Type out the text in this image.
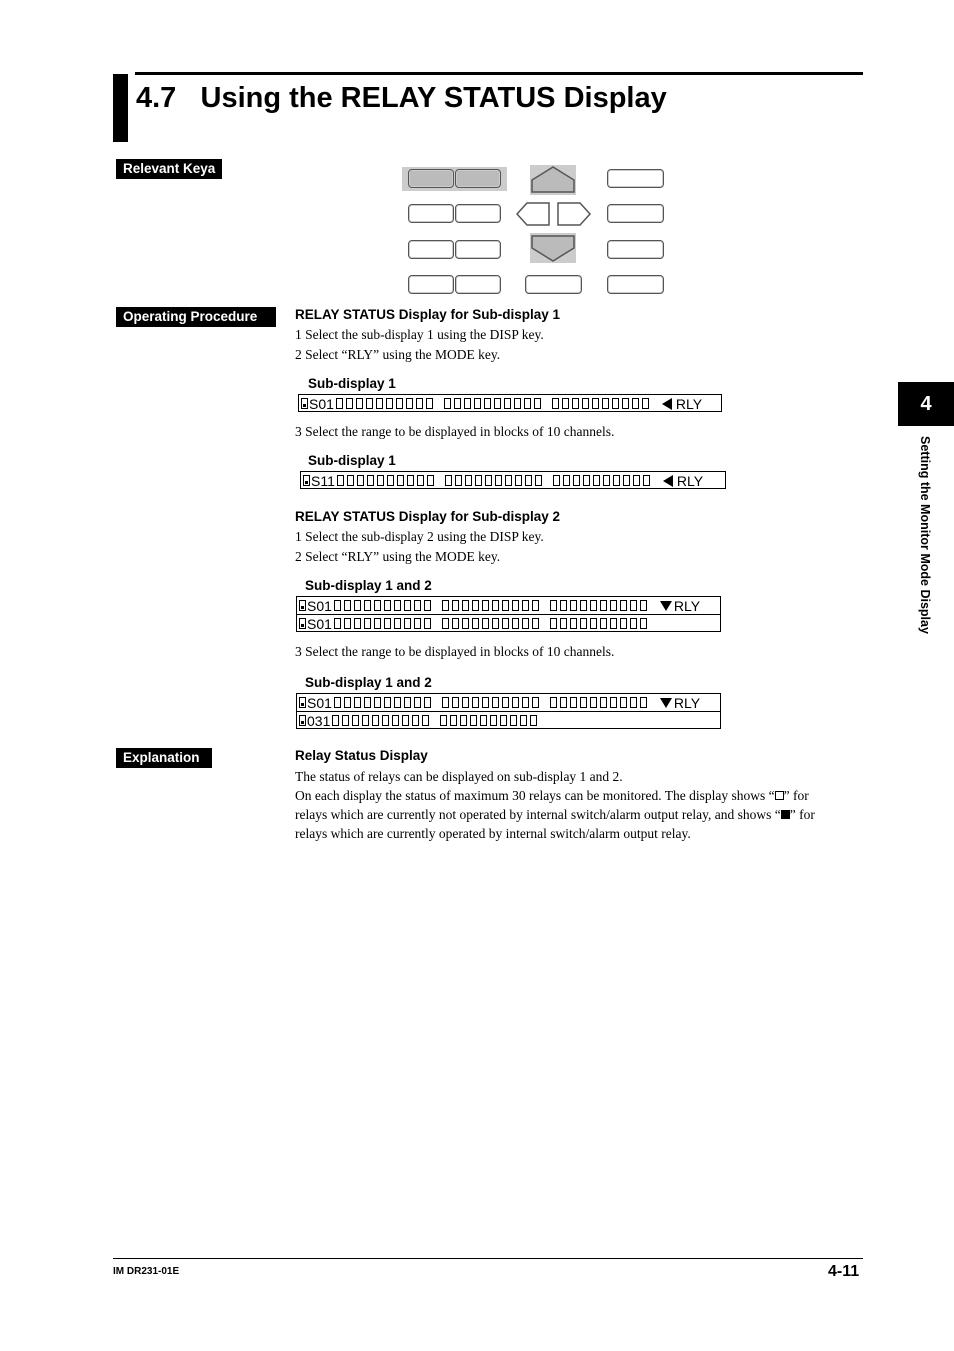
4.7 Using the RELAY STATUS Display
Relevant Keya
Operating Procedure	RELAY STATUS Display for Sub-display 1
1 Select the sub-display 1 using the DISP key.
2 Select “RLY” using the MODE key.
Sub-display 1
S01	RLY
3 Select the range to be displayed in blocks of 10 channels.
Sub-display 1
S11	RLY
RELAY STATUS Display for Sub-display 2
1 Select the sub-display 2 using the DISP key.
2 Select “RLY” using the MODE key.
Sub-display 1 and 2
S01	RLY
S01
3 Select the range to be displayed in blocks of 10 channels.
Sub-display 1 and 2
S01	RLY
031
Explanation	Relay Status Display
The status of relays can be displayed on sub-display 1 and 2.
On each display the status of maximum 30 relays can be monitored. The display shows “ ” for
relays which are currently not operated by internal switch/alarm output relay, and shows “ ” for
relays which are currently operated by internal switch/alarm output relay.
4
Setting the Monitor Mode Display
IM DR231-01E	4-11
